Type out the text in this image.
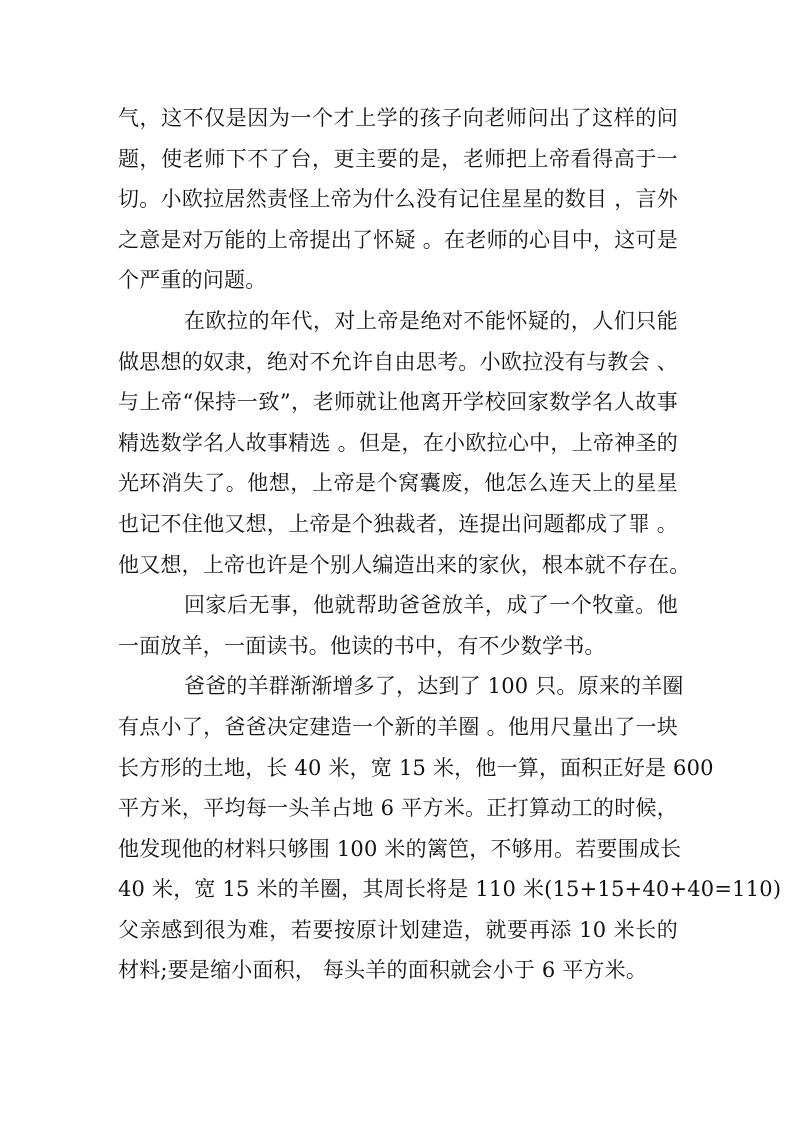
气，这不仅是因为一个才上学的孩子向老师问出了这样的问
题，使老师下不了台，更主要的是，老师把上帝看得高于一
切。小欧拉居然责怪上帝为什么没有记住星星的数目 ，言外
之意是对万能的上帝提出了怀疑 。在老师的心目中，这可是
个严重的问题。
在欧拉的年代，对上帝是绝对不能怀疑的，人们只能
做思想的奴隶，绝对不允许自由思考。小欧拉没有与教会 、
与上帝“保持一致”，老师就让他离开学校回家数学名人故事
精选数学名人故事精选 。但是，在小欧拉心中，上帝神圣的
光环消失了。他想，上帝是个窝囊废，他怎么连天上的星星
也记不住他又想，上帝是个独裁者，连提出问题都成了罪 。
他又想，上帝也许是个别人编造出来的家伙，根本就不存在。
回家后无事，他就帮助爸爸放羊，成了一个牧童。他
一面放羊，一面读书。他读的书中，有不少数学书。
爸爸的羊群渐渐增多了，达到了 100 只。原来的羊圈
有点小了，爸爸决定建造一个新的羊圈 。他用尺量出了一块
长方形的土地，长 40 米，宽 15 米，他一算，面积正好是 600
平方米，平均每一头羊占地 6 平方米。正打算动工的时候，
他发现他的材料只够围 100 米的篱笆，不够用。若要围成长
40 米，宽 15 米的羊圈，其周长将是 110 米(15+15+40+40=110)
父亲感到很为难，若要按原计划建造，就要再添 10 米长的
材料;要是缩小面积， 每头羊的面积就会小于 6 平方米。
